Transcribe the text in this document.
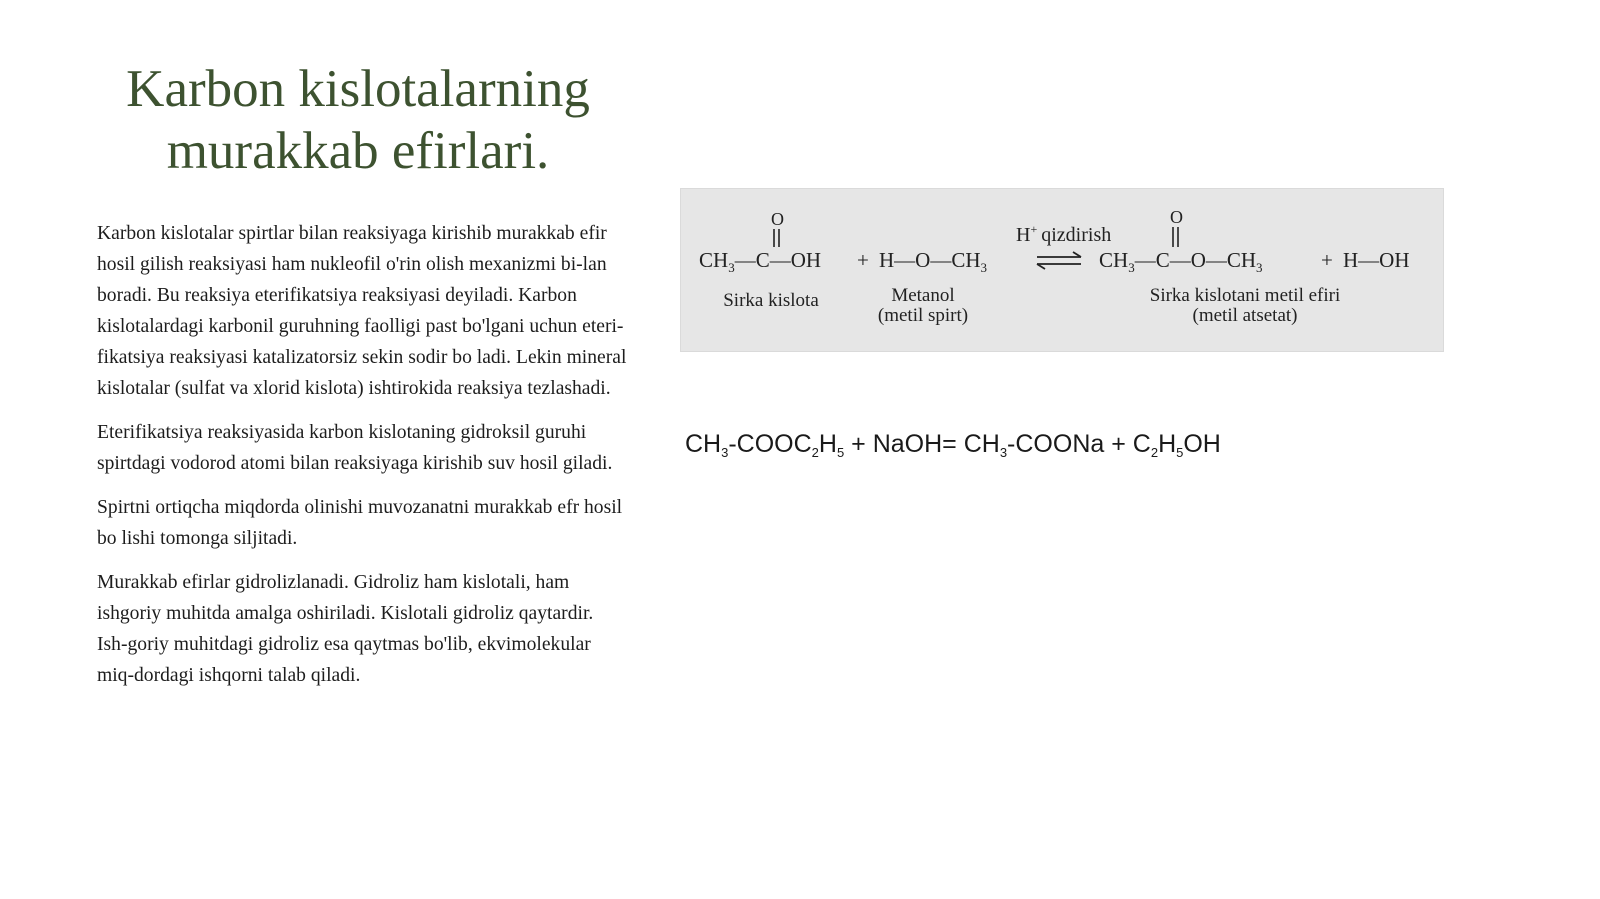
Karbon kislotalarning
murakkab efirlari.

Karbon kislotalar spirtlar bilan reaksiyaga kirishib murakkab efir hosil gilish reaksiyasi ham nukleofil o'rin olish mexanizmi bi-lan boradi. Bu reaksiya eterifikatsiya reaksiyasi deyiladi. Karbon kislotalardagi karbonil guruhning faolligi past bo'lgani uchun eteri-fikatsiya reaksiyasi katalizatorsiz sekin sodir bo ladi. Lekin mineral kislotalar (sulfat va xlorid kislota) ishtirokida reaksiya tezlashadi.

Eterifikatsiya reaksiyasida karbon kislotaning gidroksil guruhi spirtdagi vodorod atomi bilan reaksiyaga kirishib suv hosil giladi.

Spirtni ortiqcha miqdorda olinishi muvozanatni murakkab efr hosil bo lishi tomonga siljitadi.

Murakkab efirlar gidrolizlanadi. Gidroliz ham kislotali, ham ishgoriy muhitda amalga oshiriladi. Kislotali gidroliz qaytardir. Ish-goriy muhitdagi gidroliz esa qaytmas bo'lib, ekvimolekular miq-dordagi ishqorni talab qiladi.

O
$CH_3—C—OH$ + $H—O—CH_3$
H+ qizdirish
O
$CH_3—C—O—CH_3$	+ H—OH
Sirka kislota	Metanol
(metil spirt)
Sirka kislotani metil efiri
(metil atsetat)
$CH_3-COOC_2H_5$ + NaOH= $CH_3$-COONa + $C_2H_5OH$
